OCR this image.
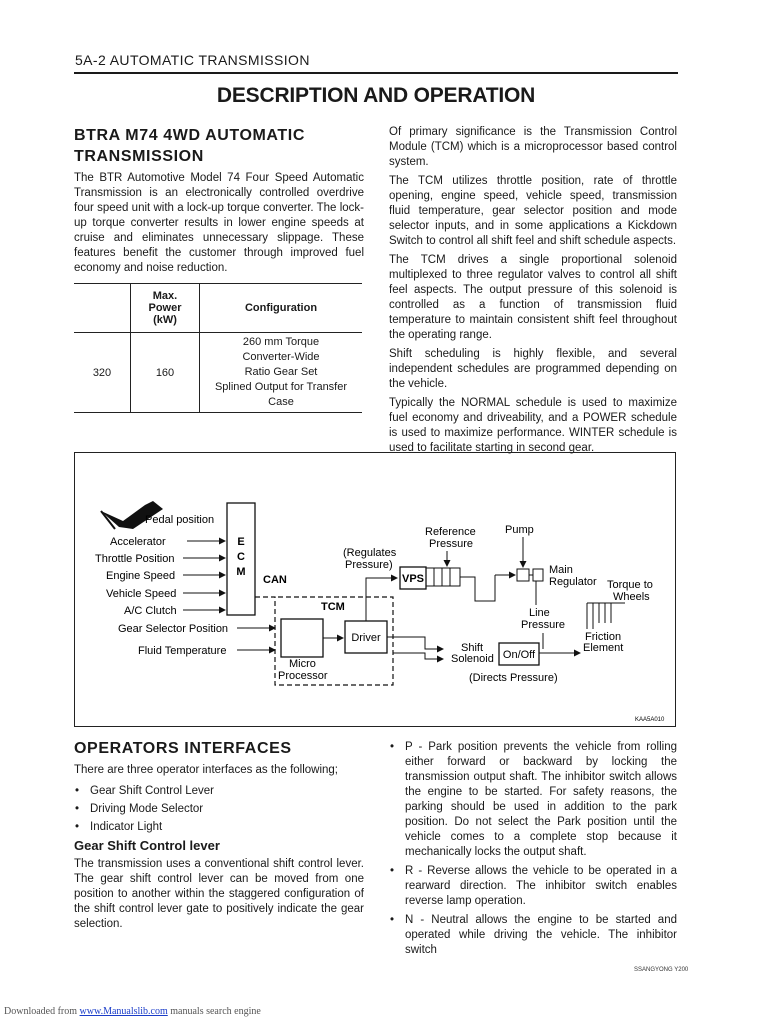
5A-2 AUTOMATIC TRANSMISSION
DESCRIPTION AND OPERATION
BTRA M74 4WD AUTOMATIC
TRANSMISSION

The BTR Automotive Model 74 Four Speed Automatic Transmission is an electronically controlled overdrive four speed unit with a lock-up torque converter. The lock-up torque converter results in lower engine speeds at cruise and eliminates unnecessary slippage. These features benefit the customer through improved fuel economy and noise reduction.

	Max.
Power
(kW)	Configuration
320	160	260 mm Torque
Converter-Wide
Ratio Gear Set
Splined Output for Transfer
Case

Of primary significance is the Transmission Control Module (TCM) which is a microprocessor based control system.

The TCM utilizes throttle position, rate of throttle opening, engine speed, vehicle speed, transmission fluid temperature, gear selector position and mode selector inputs, and in some applications a Kickdown Switch to control all shift feel and shift schedule aspects.

The TCM drives a single proportional solenoid multiplexed to three regulator valves to control all shift feel aspects. The output pressure of this solenoid is controlled as a function of transmission fluid temperature to maintain consistent shift feel throughout the operating range.

Shift scheduling is highly flexible, and several independent schedules are programmed depending on the vehicle.

Typically the NORMAL schedule is used to maximize fuel economy and driveability, and a POWER schedule is used to maximize performance. WINTER schedule is used to facilitate starting in second gear.

Pedal position
Accelerator
Throttle Position
Engine Speed
Vehicle Speed
A/C Clutch
Gear Selector Position
Fluid Temperature
E
C
M
CAN
TCM
Micro
Processor
Driver
(Regulates
Pressure)
VPS
Reference
Pressure
Pump
Main
Regulator Torque to
Wheels
Line
Pressure
Friction
Element
Shift
Solenoid On/Off
(Directs Pressure)
KAA5A010
OPERATORS INTERFACES

There are three operator interfaces as the following;

• Gear Shift Control Lever
• Driving Mode Selector
• Indicator Light
Gear Shift Control lever

The transmission uses a conventional shift control lever. The gear shift control lever can be moved from one position to another within the staggered configuration of the shift control lever gate to positively indicate the gear selection.

• P - Park position prevents the vehicle from rolling either forward or backward by locking the transmission output shaft. The inhibitor switch allows the engine to be started. For safety reasons, the parking should be used in addition to the park position. Do not select the Park position until the vehicle comes to a complete stop because it mechanically locks the output shaft.
• R - Reverse allows the vehicle to be operated in a rearward direction. The inhibitor switch enables reverse lamp operation.
• N - Neutral allows the engine to be started and operated while driving the vehicle. The inhibitor switch
SSANGYONG Y200
Downloaded from www.Manualslib.com manuals search engine
